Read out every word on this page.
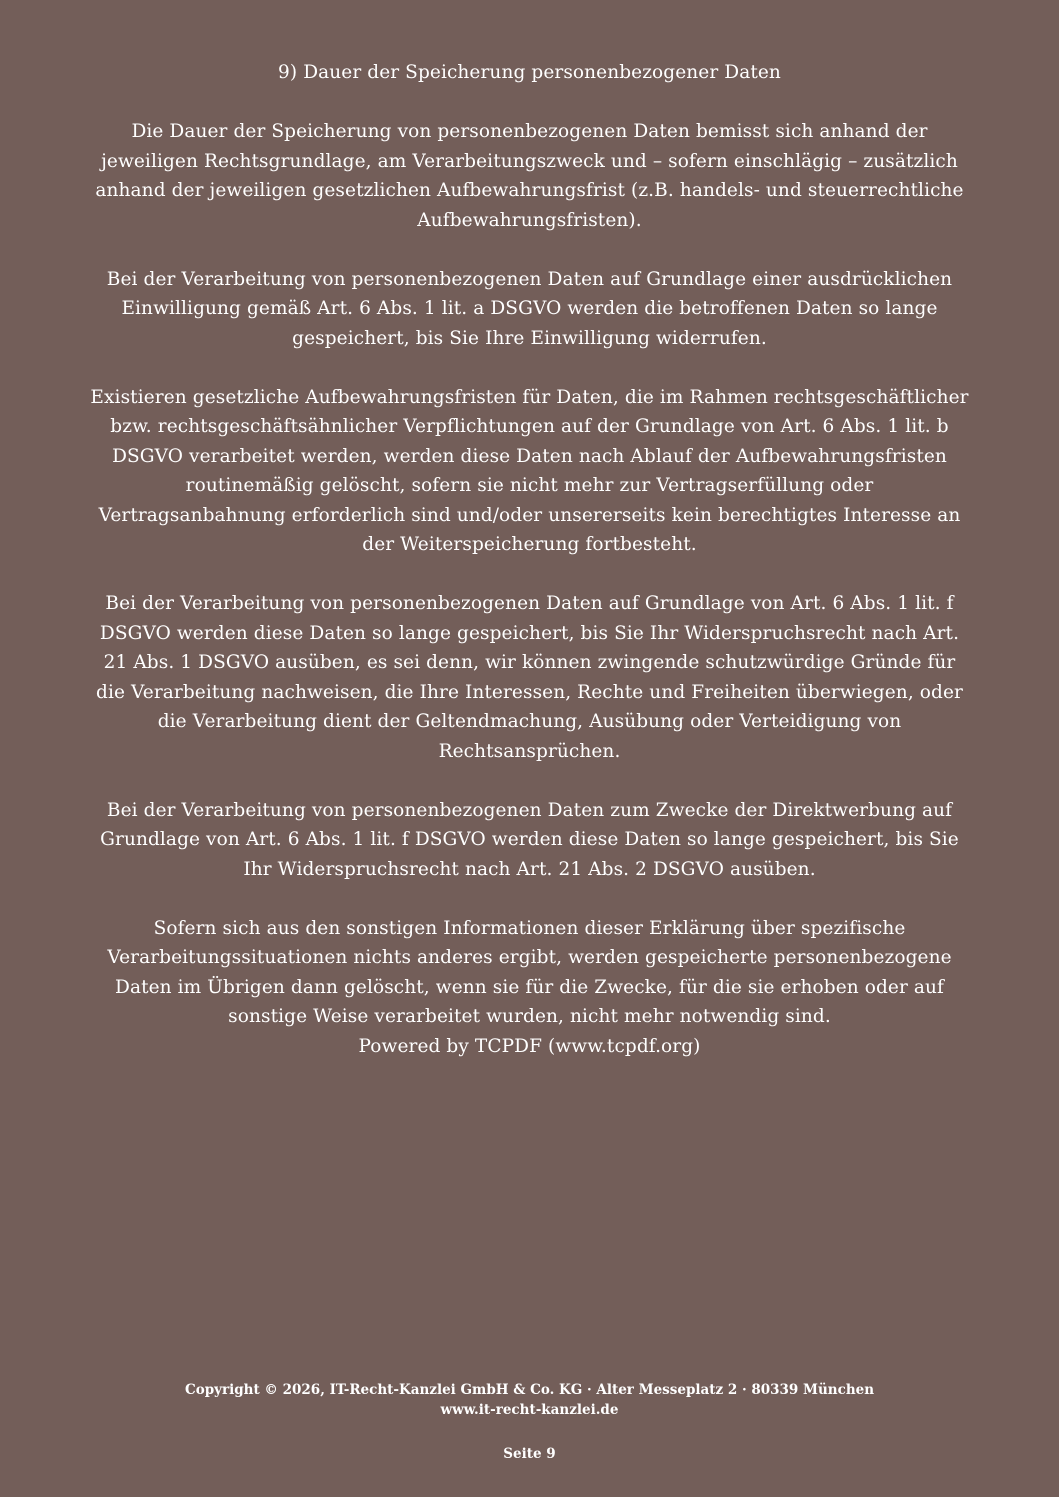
9) Dauer der Speicherung personenbezogener Daten

Die Dauer der Speicherung von personenbezogenen Daten bemisst sich anhand der jeweiligen Rechtsgrundlage, am Verarbeitungszweck und – sofern einschlägig – zusätzlich anhand der jeweiligen gesetzlichen Aufbewahrungsfrist (z.B. handels- und steuerrechtliche Aufbewahrungsfristen).

Bei der Verarbeitung von personenbezogenen Daten auf Grundlage einer ausdrücklichen Einwilligung gemäß Art. 6 Abs. 1 lit. a DSGVO werden die betroffenen Daten so lange gespeichert, bis Sie Ihre Einwilligung widerrufen.

Existieren gesetzliche Aufbewahrungsfristen für Daten, die im Rahmen rechtsgeschäftlicher bzw. rechtsgeschäftsähnlicher Verpflichtungen auf der Grundlage von Art. 6 Abs. 1 lit. b DSGVO verarbeitet werden, werden diese Daten nach Ablauf der Aufbewahrungsfristen routinemäßig gelöscht, sofern sie nicht mehr zur Vertragserfüllung oder Vertragsanbahnung erforderlich sind und/oder unsererseits kein berechtigtes Interesse an der Weiterspeicherung fortbesteht.

Bei der Verarbeitung von personenbezogenen Daten auf Grundlage von Art. 6 Abs. 1 lit. f DSGVO werden diese Daten so lange gespeichert, bis Sie Ihr Widerspruchsrecht nach Art. 21 Abs. 1 DSGVO ausüben, es sei denn, wir können zwingende schutzwürdige Gründe für die Verarbeitung nachweisen, die Ihre Interessen, Rechte und Freiheiten überwiegen, oder die Verarbeitung dient der Geltendmachung, Ausübung oder Verteidigung von Rechtsansprüchen.

Bei der Verarbeitung von personenbezogenen Daten zum Zwecke der Direktwerbung auf Grundlage von Art. 6 Abs. 1 lit. f DSGVO werden diese Daten so lange gespeichert, bis Sie Ihr Widerspruchsrecht nach Art. 21 Abs. 2 DSGVO ausüben.

Sofern sich aus den sonstigen Informationen dieser Erklärung über spezifische Verarbeitungssituationen nichts anderes ergibt, werden gespeicherte personenbezogene Daten im Übrigen dann gelöscht, wenn sie für die Zwecke, für die sie erhoben oder auf sonstige Weise verarbeitet wurden, nicht mehr notwendig sind.

Powered by TCPDF (www.tcpdf.org)
Copyright © 2026, IT-Recht-Kanzlei GmbH & Co. KG · Alter Messeplatz 2 · 80339 München
www.it-recht-kanzlei.de
Seite 9
